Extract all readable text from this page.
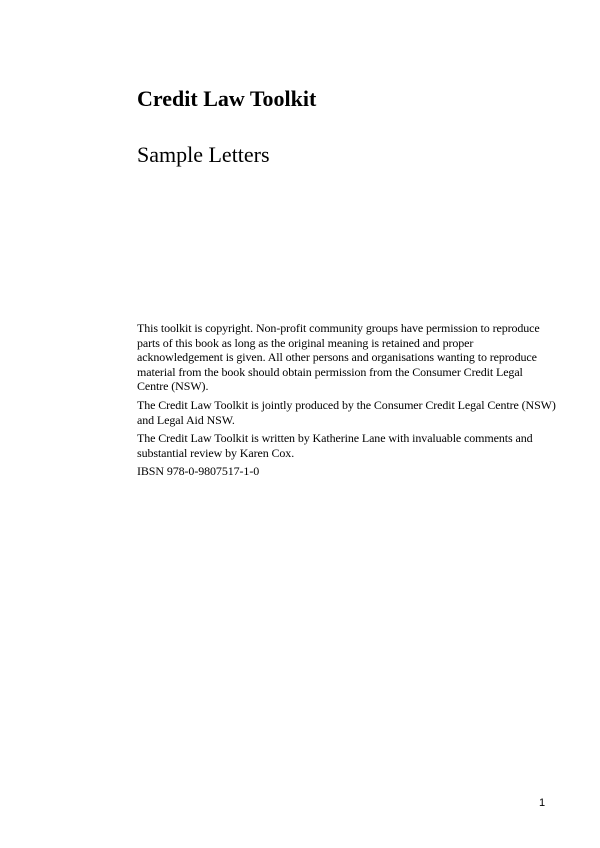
Credit Law Toolkit
Sample Letters

This toolkit is copyright. Non-profit community groups have permission to reproduce parts of this book as long as the original meaning is retained and proper acknowledgement is given. All other persons and organisations wanting to reproduce material from the book should obtain permission from the Consumer Credit Legal Centre (NSW).

The Credit Law Toolkit is jointly produced by the Consumer Credit Legal Centre (NSW) and Legal Aid NSW.

The Credit Law Toolkit is written by Katherine Lane with invaluable comments and substantial review by Karen Cox.

IBSN 978-0-9807517-1-0

1
